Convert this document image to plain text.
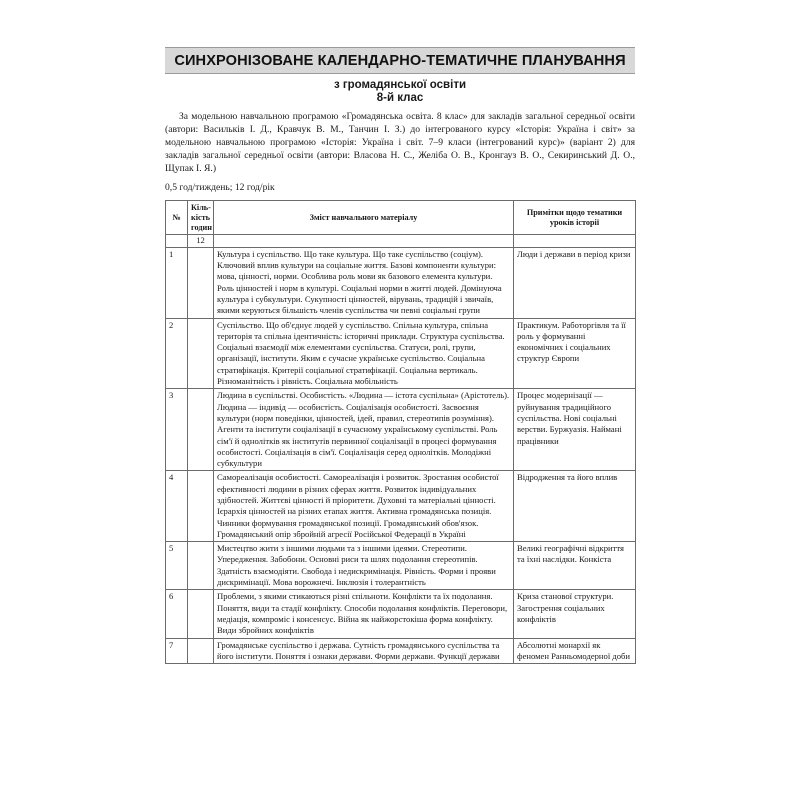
СИНХРОНІЗОВАНЕ КАЛЕНДАРНО-ТЕМАТИЧНЕ ПЛАНУВАННЯ
з громадянської освіти
8-й клас
За модельною навчальною програмою «Громадянська освіта. 8 клас» для закладів загальної середньої освіти (автори: Васильків І. Д., Кравчук В. М., Танчин І. З.) до інтегрованого курсу «Історія: Україна і світ» за модельною навчальною програмою «Історія: Україна і світ. 7–9 класи (інтегрований курс)» (варіант 2) для закладів загальної середньої освіти (автори: Власова Н. С., Желіба О. В., Кронгауз В. О., Секиринський Д. О., Щупак І. Я.)
0,5 год/тиждень; 12 год/рік
№	Кіль-кість годин	Зміст навчального матеріалу	Примітки щодо тематики уроків історії
	12		
1		Культура і суспільство. Що таке культура. Що таке суспільство (соціум). Ключовий вплив культури на соціальне життя. Базові компоненти культури: мова, цінності, норми. Особлива роль мови як базового елемента культури. Роль цінностей і норм в культурі. Соціальні норми в житті людей. Домінуюча культура і субкультури. Сукупності цінностей, вірувань, традицій і звичаїв, якими керуються більшість членів суспільства чи певні соціальні групи	Люди і держави в період кризи
2		Суспільство. Що об'єднує людей у суспільство. Спільна культура, спільна територія та спільна ідентичність: історичні приклади. Структура суспільства. Соціальні взаємодії між елементами суспільства. Статуси, ролі, групи, організації, інститути. Яким є сучасне українське суспільство. Соціальна стратифікація. Критерії соціальної стратифікації. Соціальна вертикаль. Різноманітність і рівність. Соціальна мобільність	Практикум. Работоргівля та її роль у формуванні економічних і соціальних структур Європи
3		Людина в суспільстві. Особистість. «Людина — істота суспільна» (Арістотель). Людина — індивід — особистість. Соціалізація особистості. Засвоєння культури (норм поведінки, цінностей, ідей, правил, стереотипів розуміння). Агенти та інститути соціалізації в сучасному українському суспільстві. Роль сім'ї й однолітків як інститутів первинної соціалізації в процесі формування особистості. Соціалізація в сім'ї. Соціалізація серед однолітків. Молодіжні субкультури	Процес модернізації — руйнування традиційного суспільства. Нові соціальні верстви. Буржуазія. Наймані працівники
4		Самореалізація особистості. Самореалізація і розвиток. Зростання особистої ефективності людини в різних сферах життя. Розвиток індивідуальних здібностей. Життєві цінності й пріоритети. Духовні та матеріальні цінності. Ієрархія цінностей на різних етапах життя. Активна громадянська позиція. Чинники формування громадянської позиції. Громадянський обов'язок. Громадянський опір збройній агресії Російської Федерації в Україні	Відродження та його вплив
5		Мистецтво жити з іншими людьми та з іншими ідеями. Стереотипи. Упередження. Забобони. Основні риси та шлях подолання стереотипів. Здатність взаємодіяти. Свобода і недискримінація. Рівність. Форми і прояви дискримінації. Мова ворожнечі. Інклюзія і толерантність	Великі географічні відкриття та їхні наслідки. Конкіста
6		Проблеми, з якими стикаються різні спільноти. Конфлікти та їх подолання. Поняття, види та стадії конфлікту. Способи подолання конфліктів. Переговори, медіація, компроміс і консенсус. Війна як найжорстокіша форма конфлікту. Види збройних конфліктів	Криза станової структури. Загострення соціальних конфліктів
7		Громадянське суспільство і держава. Сутність громадянського суспільства та його інститути. Поняття і ознаки держави. Форми держави. Функції держави	Абсолютні монархії як феномен Ранньомодерної доби
